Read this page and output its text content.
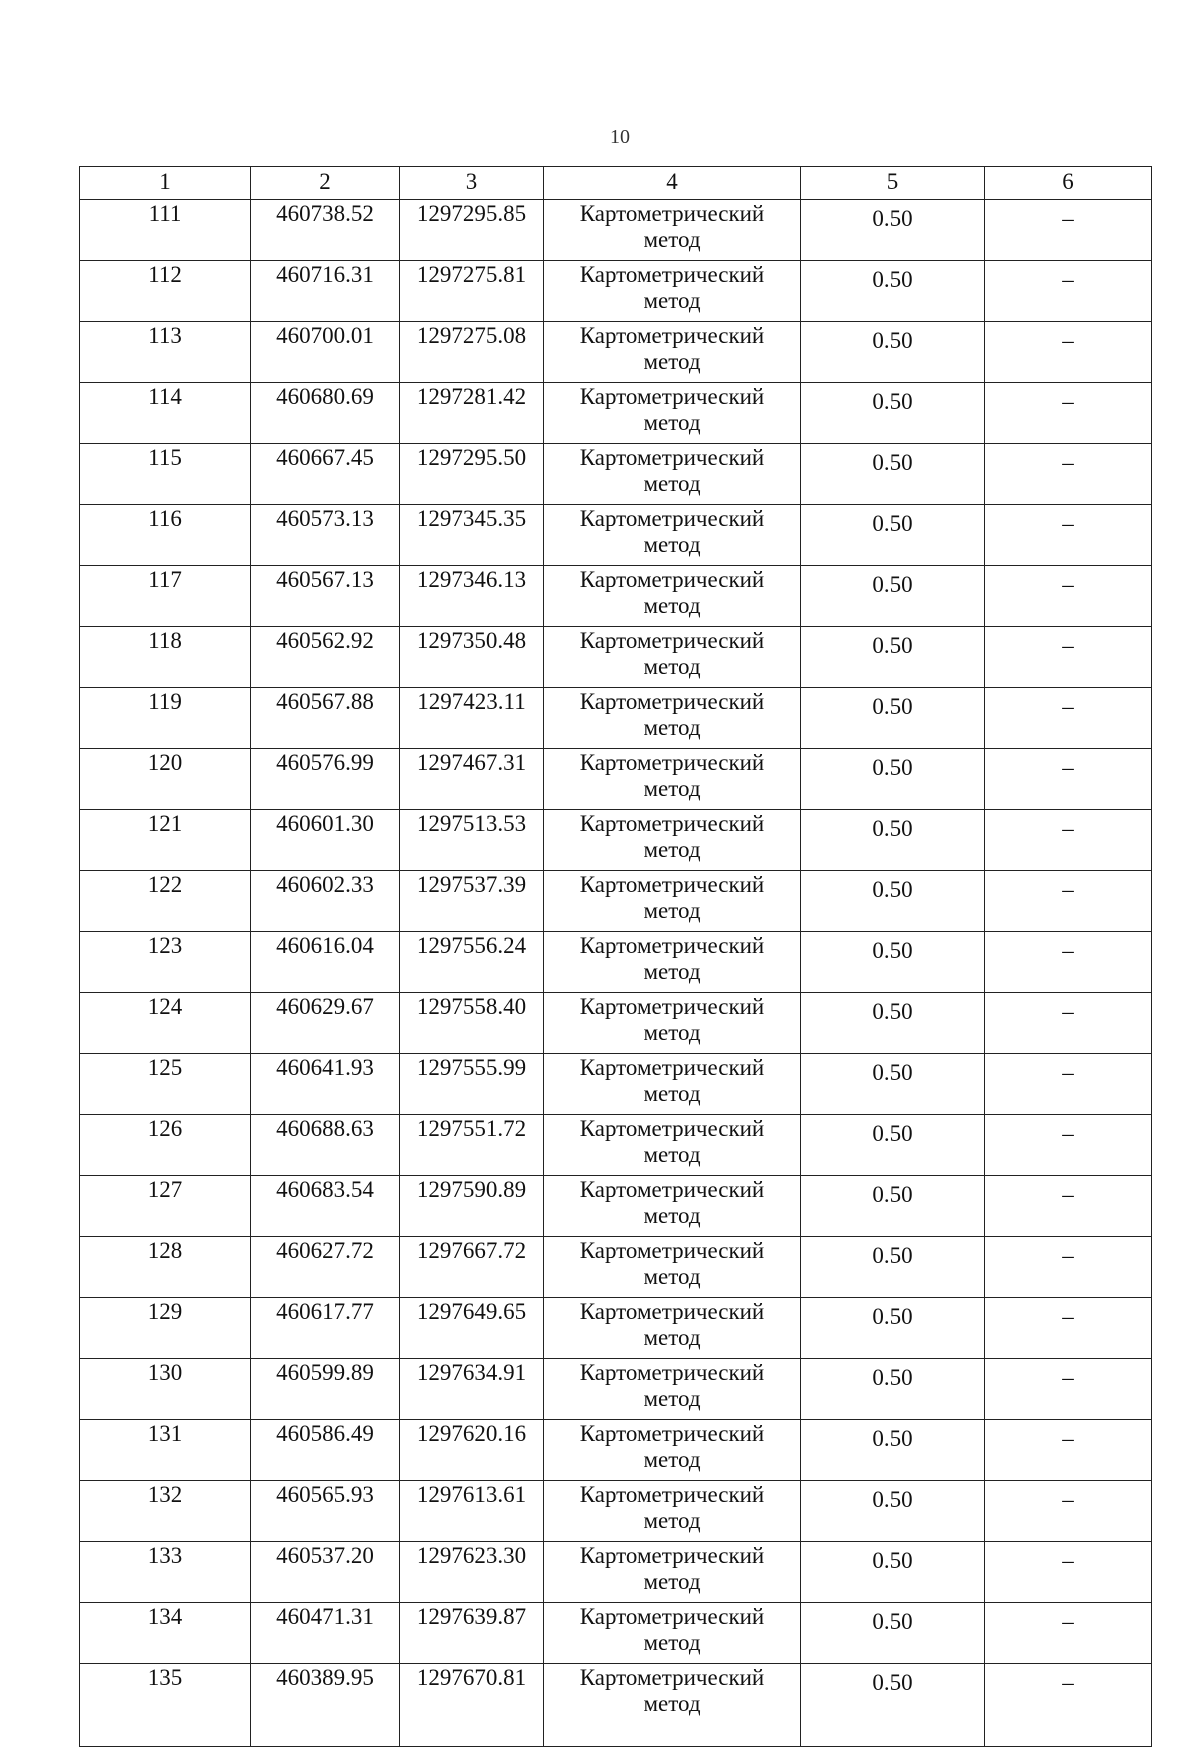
10
1	2	3	4	5	6
111	460738.52	1297295.85	Картометрический
метод	0.50	–
112	460716.31	1297275.81	Картометрический
метод	0.50	–
113	460700.01	1297275.08	Картометрический
метод	0.50	–
114	460680.69	1297281.42	Картометрический
метод	0.50	–
115	460667.45	1297295.50	Картометрический
метод	0.50	–
116	460573.13	1297345.35	Картометрический
метод	0.50	–
117	460567.13	1297346.13	Картометрический
метод	0.50	–
118	460562.92	1297350.48	Картометрический
метод	0.50	–
119	460567.88	1297423.11	Картометрический
метод	0.50	–
120	460576.99	1297467.31	Картометрический
метод	0.50	–
121	460601.30	1297513.53	Картометрический
метод	0.50	–
122	460602.33	1297537.39	Картометрический
метод	0.50	–
123	460616.04	1297556.24	Картометрический
метод	0.50	–
124	460629.67	1297558.40	Картометрический
метод	0.50	–
125	460641.93	1297555.99	Картометрический
метод	0.50	–
126	460688.63	1297551.72	Картометрический
метод	0.50	–
127	460683.54	1297590.89	Картометрический
метод	0.50	–
128	460627.72	1297667.72	Картометрический
метод	0.50	–
129	460617.77	1297649.65	Картометрический
метод	0.50	–
130	460599.89	1297634.91	Картометрический
метод	0.50	–
131	460586.49	1297620.16	Картометрический
метод	0.50	–
132	460565.93	1297613.61	Картометрический
метод	0.50	–
133	460537.20	1297623.30	Картометрический
метод	0.50	–
134	460471.31	1297639.87	Картометрический
метод	0.50	–
135	460389.95	1297670.81	Картометрический
метод	0.50	–
